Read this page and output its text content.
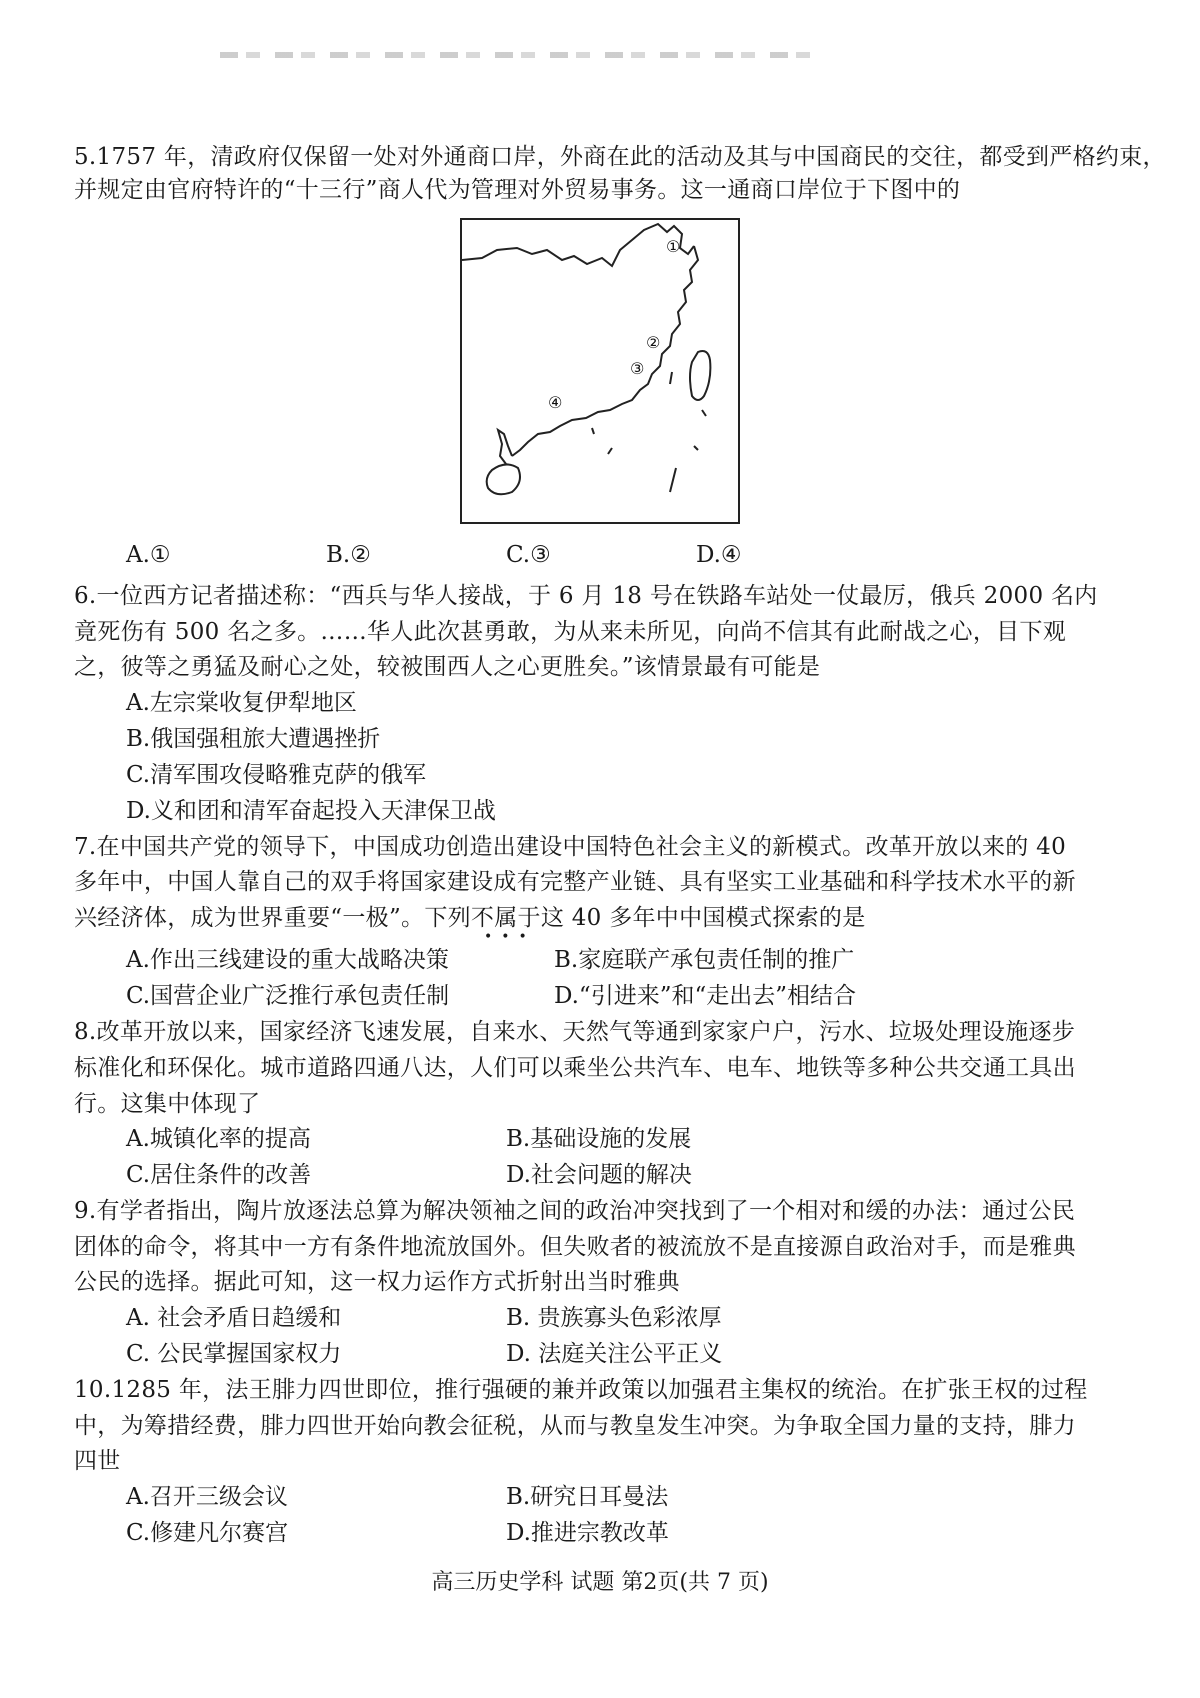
5.1757 年，清政府仅保留一处对外通商口岸，外商在此的活动及其与中国商民的交往，都受到严格约束，
并规定由官府特许的“十三行”商人代为管理对外贸易事务。这一通商口岸位于下图中的
①
②
③
④
A.①	B.②	C.③	D.④
6.一位西方记者描述称：“西兵与华人接战，于 6 月 18 号在铁路车站处一仗最厉，俄兵 2000 名内
竟死伤有 500 名之多。……华人此次甚勇敢，为从来未所见，向尚不信其有此耐战之心，目下观
之，彼等之勇猛及耐心之处，较被围西人之心更胜矣。”该情景最有可能是
A.左宗棠收复伊犁地区
B.俄国强租旅大遭遇挫折
C.清军围攻侵略雅克萨的俄军
D.义和团和清军奋起投入天津保卫战
7.在中国共产党的领导下，中国成功创造出建设中国特色社会主义的新模式。改革开放以来的 40
多年中，中国人靠自己的双手将国家建设成有完整产业链、具有坚实工业基础和科学技术水平的新
兴经济体，成为世界重要“一极”。下列不属于这 40 多年中中国模式探索的是
•••
A.作出三线建设的重大战略决策	B.家庭联产承包责任制的推广
C.国营企业广泛推行承包责任制	D.“引进来”和“走出去”相结合
8.改革开放以来，国家经济飞速发展，自来水、天然气等通到家家户户，污水、垃圾处理设施逐步
标准化和环保化。城市道路四通八达，人们可以乘坐公共汽车、电车、地铁等多种公共交通工具出
行。这集中体现了
A.城镇化率的提高	B.基础设施的发展
C.居住条件的改善	D.社会问题的解决
9.有学者指出，陶片放逐法总算为解决领袖之间的政治冲突找到了一个相对和缓的办法：通过公民
团体的命令，将其中一方有条件地流放国外。但失败者的被流放不是直接源自政治对手，而是雅典
公民的选择。据此可知，这一权力运作方式折射出当时雅典
A. 社会矛盾日趋缓和	B. 贵族寡头色彩浓厚
C. 公民掌握国家权力	D. 法庭关注公平正义
10.1285 年，法王腓力四世即位，推行强硬的兼并政策以加强君主集权的统治。在扩张王权的过程
中，为筹措经费，腓力四世开始向教会征税，从而与教皇发生冲突。为争取全国力量的支持，腓力
四世
A.召开三级会议	B.研究日耳曼法
C.修建凡尔赛宫	D.推进宗教改革
高三历史学科 试题 第2页(共 7 页)
